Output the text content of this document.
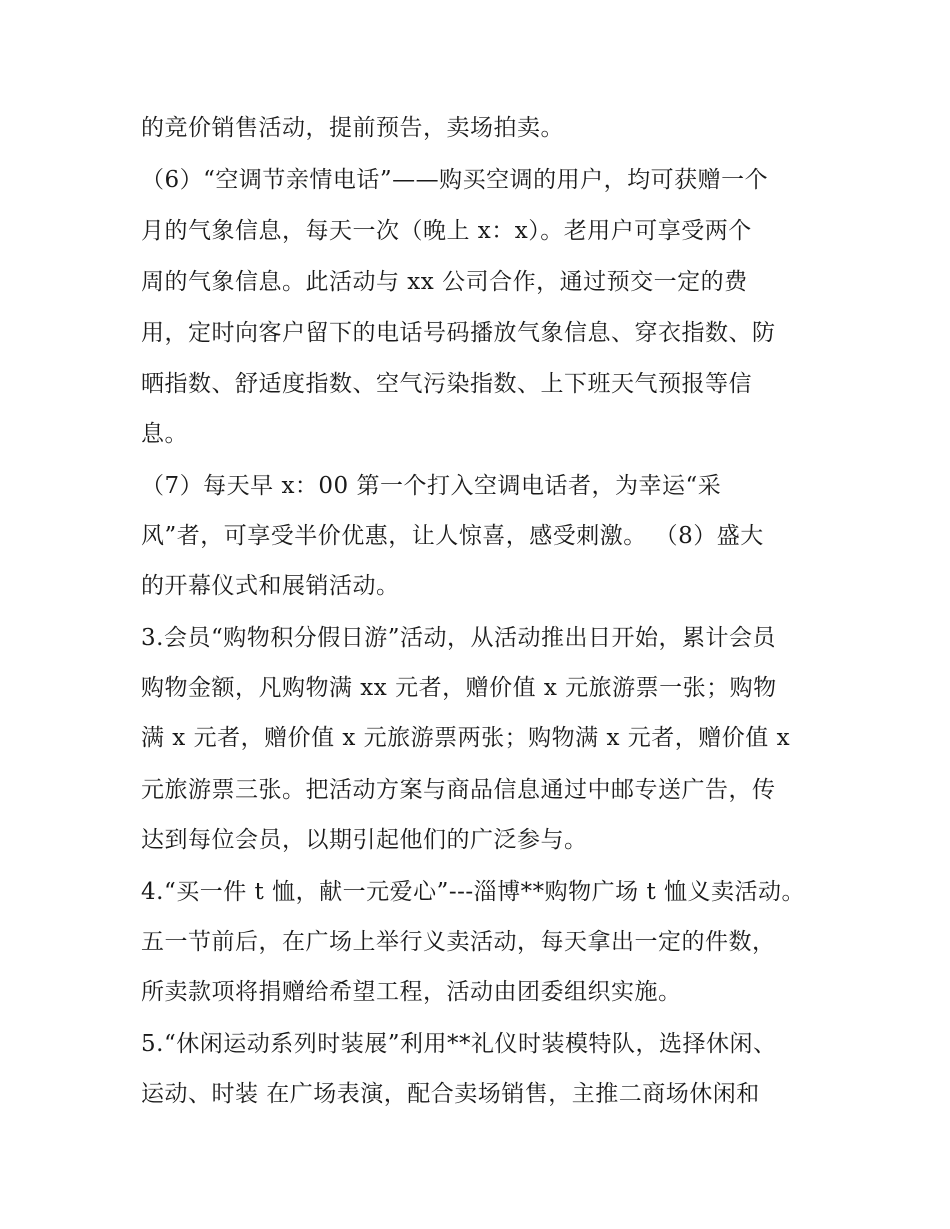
的竞价销售活动，提前预告，卖场拍卖。
（6）“空调节亲情电话”——购买空调的用户，均可获赠一个
月的气象信息，每天一次（晚上 x：x）。老用户可享受两个
周的气象信息。此活动与 xx 公司合作，通过预交一定的费
用，定时向客户留下的电话号码播放气象信息、穿衣指数、防
晒指数、舒适度指数、空气污染指数、上下班天气预报等信
息。
（7）每天早 x：00 第一个打入空调电话者，为幸运“采
风”者，可享受半价优惠，让人惊喜，感受刺激。 （8）盛大
的开幕仪式和展销活动。
3.会员“购物积分假日游”活动，从活动推出日开始，累计会员
购物金额，凡购物满 xx 元者，赠价值 x 元旅游票一张；购物
满 x 元者，赠价值 x 元旅游票两张；购物满 x 元者，赠价值 x
元旅游票三张。把活动方案与商品信息通过中邮专送广告，传
达到每位会员，以期引起他们的广泛参与。
4.“买一件 t 恤，献一元爱心”---淄博**购物广场 t 恤义卖活动。
五一节前后，在广场上举行义卖活动，每天拿出一定的件数，
所卖款项将捐赠给希望工程，活动由团委组织实施。
5.“休闲运动系列时装展”利用**礼仪时装模特队，选择休闲、
运动、时装 在广场表演，配合卖场销售，主推二商场休闲和
